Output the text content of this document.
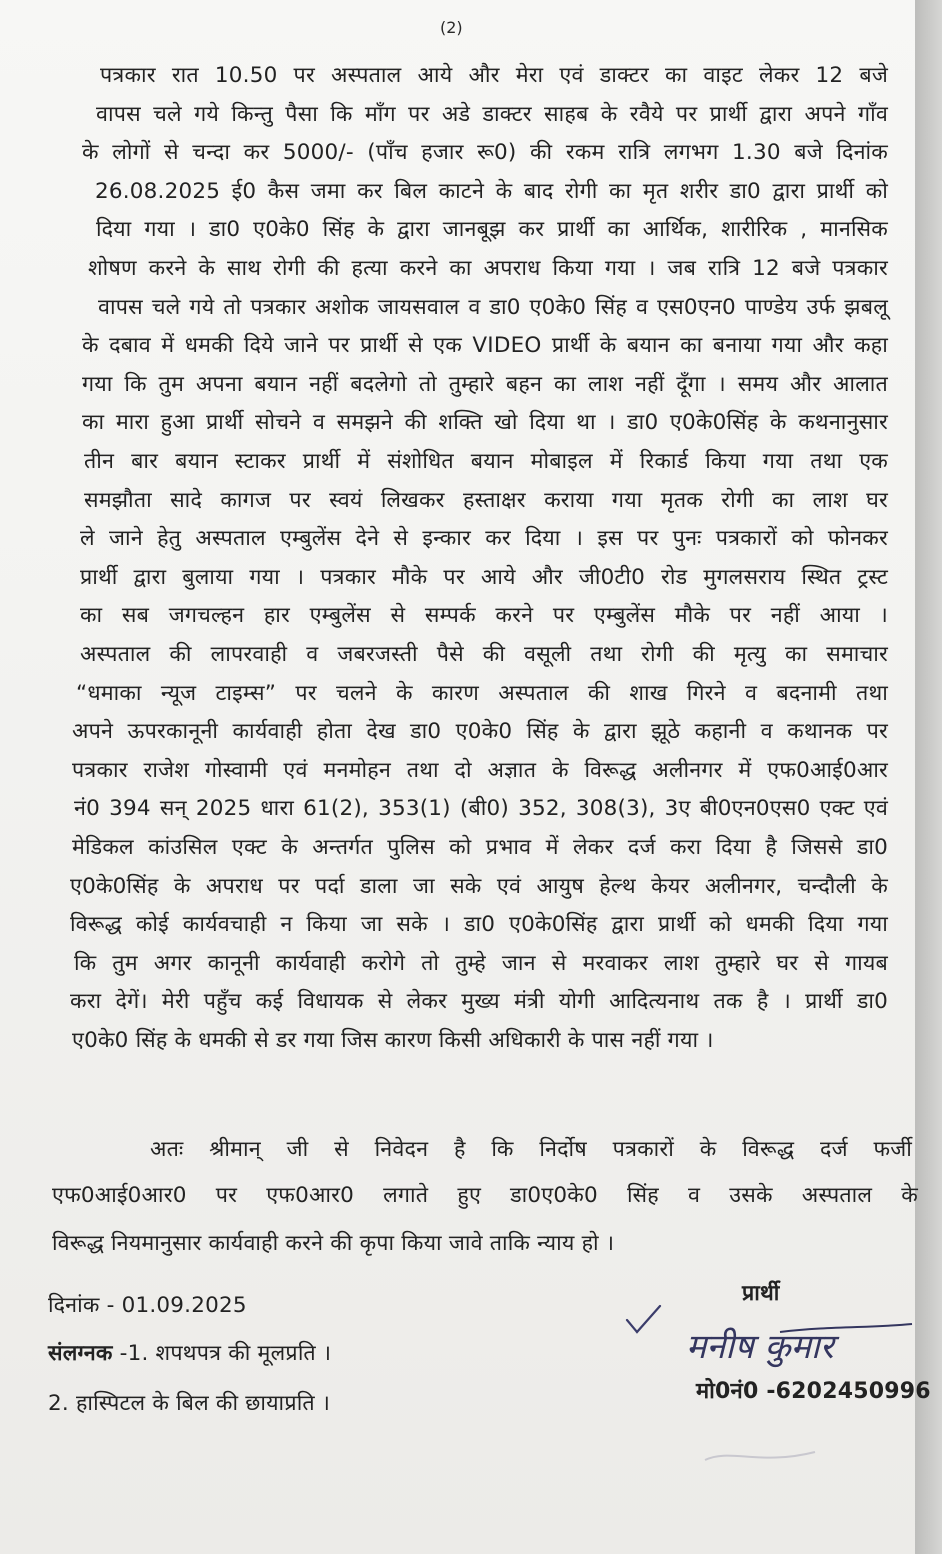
(2)
पत्रकार रात 10.50 पर अस्पताल आये और मेरा एवं डाक्टर का वाइट लेकर 12 बजे
वापस चले गये किन्तु पैसा कि माँग पर अडे डाक्टर साहब के रवैये पर प्रार्थी द्वारा अपने गाँव
के लोगों से चन्दा कर 5000/- (पाँच हजार रू0) की रकम रात्रि लगभग 1.30 बजे दिनांक
26.08.2025 ई0 कैस जमा कर बिल काटने के बाद रोगी का मृत शरीर डा0 द्वारा प्रार्थी को
दिया गया । डा0 ए0के0 सिंह के द्वारा जानबूझ कर प्रार्थी का आर्थिक, शारीरिक , मानसिक
शोषण करने के साथ रोगी की हत्या करने का अपराध किया गया । जब रात्रि 12 बजे पत्रकार
वापस चले गये तो पत्रकार अशोक जायसवाल व डा0 ए0के0 सिंह व एस0एन0 पाण्डेय उर्फ झबलू
के दबाव में धमकी दिये जाने पर प्रार्थी से एक VIDEO प्रार्थी के बयान का बनाया गया और कहा
गया कि तुम अपना बयान नहीं बदलेगो तो तुम्हारे बहन का लाश नहीं दूँगा । समय और आलात
का मारा हुआ प्रार्थी सोचने व समझने की शक्ति खो दिया था । डा0 ए0के0सिंह के कथनानुसार
तीन बार बयान स्टाकर प्रार्थी में संशोधित बयान मोबाइल में रिकार्ड किया गया तथा एक
समझौता सादे कागज पर स्वयं लिखकर हस्ताक्षर कराया गया मृतक रोगी का लाश घर
ले जाने हेतु अस्पताल एम्बुलेंस देने से इन्कार कर दिया । इस पर पुनः पत्रकारों को फोनकर
प्रार्थी द्वारा बुलाया गया । पत्रकार मौके पर आये और जी0टी0 रोड मुगलसराय स्थित ट्रस्ट
का सब जगचल्हन हार एम्बुलेंस से सम्पर्क करने पर एम्बुलेंस मौके पर नहीं आया ।
अस्पताल की लापरवाही व जबरजस्ती पैसे की वसूली तथा रोगी की मृत्यु का समाचार
“धमाका न्यूज टाइम्स” पर चलने के कारण अस्पताल की शाख गिरने व बदनामी तथा
अपने ऊपरकानूनी कार्यवाही होता देख डा0 ए0के0 सिंह के द्वारा झूठे कहानी व कथानक पर
पत्रकार राजेश गोस्वामी एवं मनमोहन तथा दो अज्ञात के विरूद्ध अलीनगर में एफ0आई0आर
नं0 394 सन् 2025 धारा 61(2), 353(1) (बी0) 352, 308(3), 3ए बी0एन0एस0 एक्ट एवं
मेडिकल कांउसिल एक्ट के अन्तर्गत पुलिस को प्रभाव में लेकर दर्ज करा दिया है जिससे डा0
ए0के0सिंह के अपराध पर पर्दा डाला जा सके एवं आयुष हेल्थ केयर अलीनगर, चन्दौली के
विरूद्ध कोई कार्यवचाही न किया जा सके । डा0 ए0के0सिंह द्वारा प्रार्थी को धमकी दिया गया
कि तुम अगर कानूनी कार्यवाही करोगे तो तुम्हे जान से मरवाकर लाश तुम्हारे घर से गायब
करा देगें। मेरी पहुँच कई विधायक से लेकर मुख्य मंत्री योगी आदित्यनाथ तक है । प्रार्थी डा0
ए0के0 सिंह के धमकी से डर गया जिस कारण किसी अधिकारी के पास नहीं गया ।
अतः श्रीमान् जी से निवेदन है कि निर्दोष पत्रकारों के विरूद्ध दर्ज फर्जी
एफ0आई0आर0 पर एफ0आर0 लगाते हुए डा0ए0के0 सिंह व उसके अस्पताल के
विरूद्ध नियमानुसार कार्यवाही करने की कृपा किया जावे ताकि न्याय हो ।
दिनांक - 01.09.2025	प्रार्थी
मनीष कुमार
मो0नं0 -6202450996
संलग्नक -1. शपथपत्र की मूलप्रति ।
2. हास्पिटल के बिल की छायाप्रति ।
